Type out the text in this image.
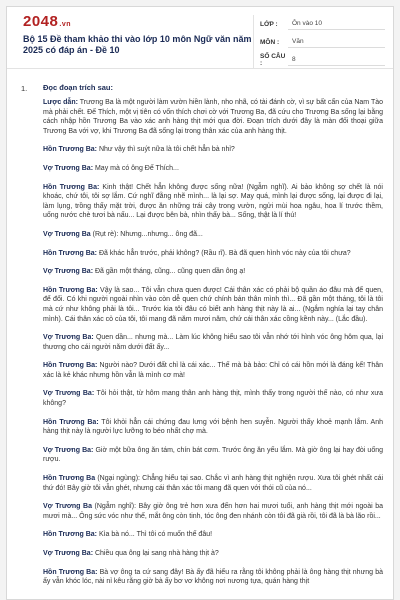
2048.vn
Bộ 15 Đề tham khảo thi vào lớp 10 môn Ngữ văn năm 2025 có đáp án - Đề 10
LỚP :	Ôn vào 10
MÔN :	Văn
SỐ CÂU :
8
1.	Đọc đoạn trích sau:
Lược dẫn: Trương Ba là một người làm vườn hiền lành, nho nhã, có tài đánh cờ, vì sự bất cẩn của Nam Tào mà phải chết. Đế Thích, một vị tiên có vốn thích chơi cờ với Trương Ba, đã cứu cho Trương Ba sống lại bằng cách nhập hồn Trương Ba vào xác anh hàng thịt mới qua đời. Đoạn trích dưới đây là màn đối thoại giữa Trương Ba với vợ, khi Trương Ba đã sống lại trong thân xác của anh hàng thịt.
Hồn Trương Ba: Như vậy thì suýt nữa là tôi chết hẳn bà nhỉ?
Vợ Trương Ba: May mà có ông Đế Thích...
Hồn Trương Ba: Kinh thật! Chết hẳn không được sống nữa! (Ngẫm nghĩ). Ai bảo không sợ chết là nói khoác, chứ tôi, tôi sợ lắm. Cứ nghĩ đằng nhẽ mình... là lại sợ. May quá, mình lại được sống, lại được đi lại, làm lụng, trồng thấy mặt trời, được ăn những trái cây trong vườn, ngửi mùi hoa ngâu, hoa lí trước thềm, uống nước chè tươi bà nấu... Lại được bên bà, nhìn thấy bà... Sống, thật là lí thú!
Vợ Trương Ba (Rụt rè): Nhưng...nhưng... ông đã...
Hồn Trương Ba: Đã khác hẳn trước, phải không? (Rầu rĩ). Bà đã quen hình vóc này của tôi chưa?
Vợ Trương Ba: Đã gần một tháng, cũng... cũng quen dần ông ạ!
Hồn Trương Ba: Vậy là sao... Tôi vẫn chưa quen được! Cái thân xác có phải bộ quần áo đâu mà để quen, để đổi. Có khi người ngoài nhìn vào còn dễ quen chứ chính bản thân mình thì... Đã gần một tháng, tôi là tôi mà cứ như không phải là tôi... Trước kia tôi đâu có biết anh hàng thịt này là ai... (Ngắm nghía lại tay chân mình). Cái thân xác cỏ của tôi, tôi mang đã năm mươi năm, chứ cái thân xác cồng kềnh này... (Lắc đầu).
Vợ Trương Ba: Quen dần... nhưng mà... Làm lúc không hiểu sao tôi vẫn nhớ tới hình vóc ông hôm qua, lại thương cho cái người năm dưới đất ấy...
Hồn Trương Ba: Người nào? Dưới đất chỉ là cái xác... Thế mà bà bảo: Chỉ có cái hồn mới là đáng kể! Thân xác là kẻ khác nhưng hồn vẫn là mình cơ mà!
Vợ Trương Ba: Tôi hỏi thật, từ hôm mang thân anh hàng thịt, mình thấy trong người thế nào, có như xưa không?
Hồn Trương Ba: Tôi khỏi hẳn cái chứng đau lưng với bệnh hen suyễn. Người thấy khoẻ mạnh lắm. Anh hàng thịt này là người lực lưỡng to béo nhất chợ mà.
Vợ Trương Ba: Giờ một bữa ông ăn tám, chín bát cơm. Trước ông ăn yếu lắm. Mà giờ ông lại hay đòi uống rượu.
Hồn Trương Ba (Ngại ngùng): Chẳng hiểu tại sao. Chắc vì anh hàng thịt nghiện rượu. Xưa tôi ghét nhất cái thứ đó! Bây giờ tôi vẫn ghét, nhưng cái thân xác tôi mang đã quen với thói cũ của nó...
Vợ Trương Ba (Ngẫm nghĩ): Bây giờ ông trẻ hơn xưa đến hơn hai mươi tuổi, anh hàng thịt mới ngoài ba mươi mà... Ông sức vóc như thế, mắt ông còn tinh, tóc ông đen nhánh còn tôi đã già rồi, tôi đã là bà lão rồi...
Hồn Trương Ba: Kìa bà nó... Thì tôi có muốn thế đâu!
Vợ Trương Ba: Chiều qua ông lại sang nhà hàng thịt à?
Hồn Trương Ba: Bà vợ ông ta cứ sang đây! Bà ấy đã hiểu ra rằng tôi không phải là ông hàng thịt nhưng bà ấy vẫn khóc lóc, nài nỉ kêu rằng giờ bà ấy bơ vơ không nơi nương tựa, quán hàng thịt
